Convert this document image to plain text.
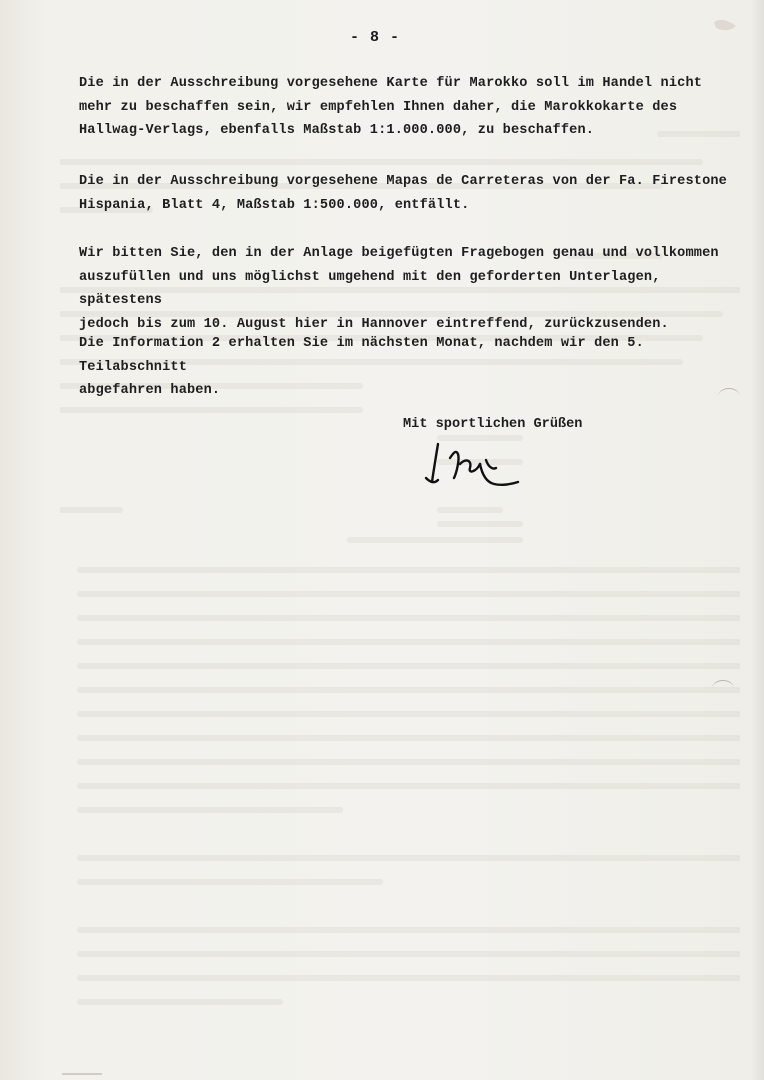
- 8 -
Die in der Ausschreibung vorgesehene Karte für Marokko soll im Handel nicht
mehr zu beschaffen sein, wir empfehlen Ihnen daher, die Marokkokarte des
Hallwag-Verlags, ebenfalls Maßstab 1:1.000.000, zu beschaffen.
Die in der Ausschreibung vorgesehene Mapas de Carreteras von der Fa. Firestone
Hispania, Blatt 4, Maßstab 1:500.000, entfällt.
Wir bitten Sie, den in der Anlage beigefügten Fragebogen genau und vollkommen
auszufüllen und uns möglichst umgehend mit den geforderten Unterlagen, spätestens
jedoch bis zum 10. August hier in Hannover eintreffend, zurückzusenden.
Die Information 2 erhalten Sie im nächsten Monat, nachdem wir den 5. Teilabschnitt
abgefahren haben.
Mit sportlichen Grüßen
